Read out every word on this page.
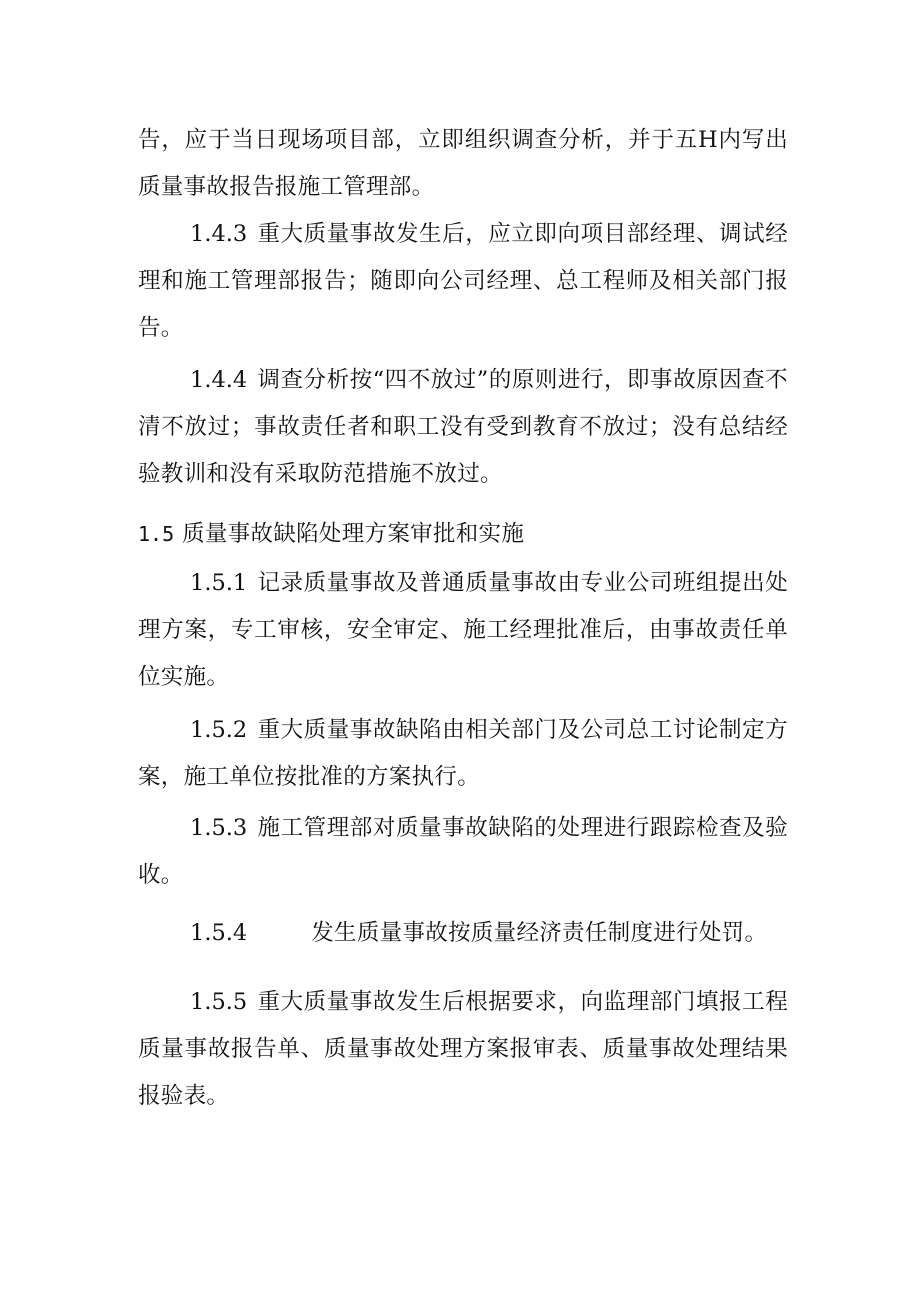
告，应于当日现场项目部，立即组织调查分析，并于五H内写出质量事故报告报施工管理部。

1.4.3 重大质量事故发生后，应立即向项目部经理、调试经理和施工管理部报告；随即向公司经理、总工程师及相关部门报告。

1.4.4 调查分析按“四不放过”的原则进行，即事故原因查不清不放过；事故责任者和职工没有受到教育不放过；没有总结经验教训和没有采取防范措施不放过。

1.5 质量事故缺陷处理方案审批和实施

1.5.1 记录质量事故及普通质量事故由专业公司班组提出处理方案，专工审核，安全审定、施工经理批准后，由事故责任单位实施。

1.5.2 重大质量事故缺陷由相关部门及公司总工讨论制定方案，施工单位按批准的方案执行。

1.5.3 施工管理部对质量事故缺陷的处理进行跟踪检查及验收。

1.5.4	发生质量事故按质量经济责任制度进行处罚。

1.5.5 重大质量事故发生后根据要求，向监理部门填报工程质量事故报告单、质量事故处理方案报审表、质量事故处理结果报验表。
